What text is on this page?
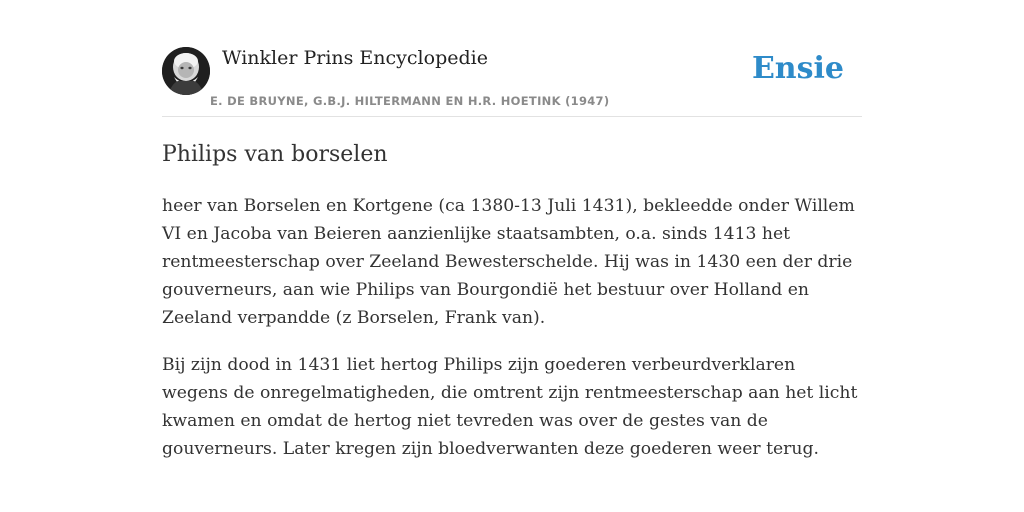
Winkler Prins Encyclopedie
E. DE BRUYNE, G.B.J. HILTERMANN EN H.R. HOETINK (1947)
Ensie
Philips van borselen

heer van Borselen en Kortgene (ca 1380-13 Juli 1431), bekleedde onder Willem VI en Jacoba van Beieren aanzienlijke staatsambten, o.a. sinds 1413 het rentmeesterschap over Zeeland Bewesterschelde. Hij was in 1430 een der drie gouverneurs, aan wie Philips van Bourgondië het bestuur over Holland en Zeeland verpandde (z Borselen, Frank van).

Bij zijn dood in 1431 liet hertog Philips zijn goederen verbeurdverklaren wegens de onregelmatigheden, die omtrent zijn rentmeesterschap aan het licht kwamen en omdat de hertog niet tevreden was over de gestes van de gouverneurs. Later kregen zijn bloedverwanten deze goederen weer terug.
